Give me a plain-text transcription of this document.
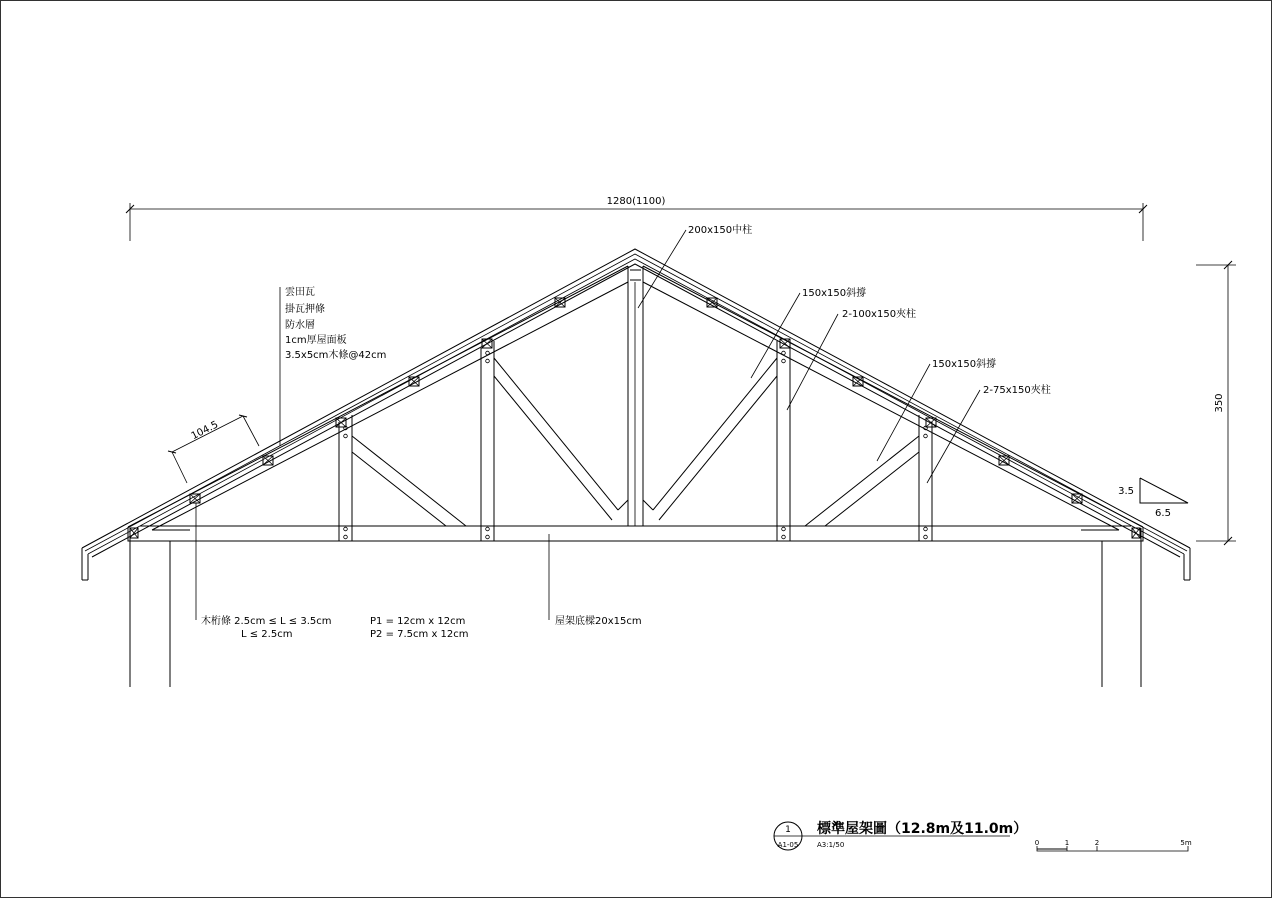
1280(1100)
350
3.5
6.5
104.5
200x150中柱
150x150斜撐
2-100x150夾柱
150x150斜撐
2-75x150夾柱
屋架底樑20x15cm
雲田瓦
掛瓦押條
防水層
1cm厚屋面板
3.5x5cm木條@42cm
木桁條 2.5cm ≤ L ≤ 3.5cm
L ≤ 2.5cm
P1 = 12cm x 12cm
P2 = 7.5cm x 12cm
1
A1-05
標準屋架圖（12.8m及11.0m）
A3:1/50	0	1	2	5m
